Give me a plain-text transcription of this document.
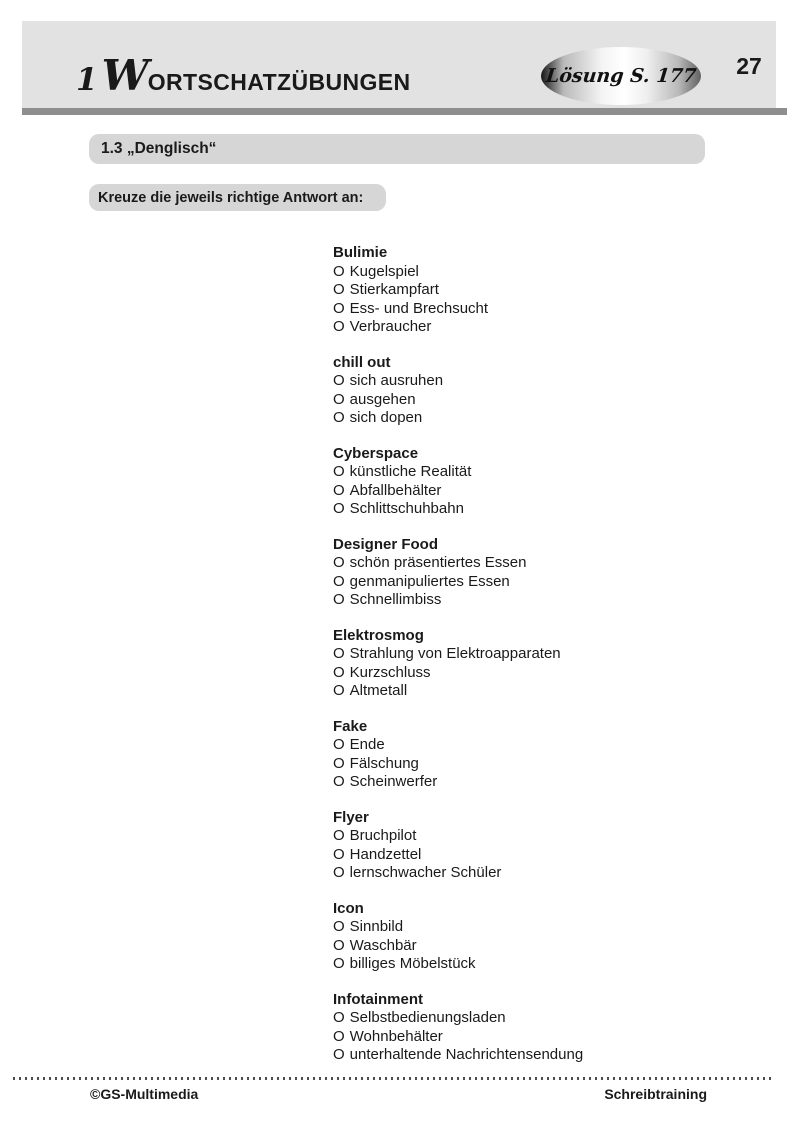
1WORTSCHATZÜBUNGEN	Lösung S. 177	27
1.3 „Denglisch“
Kreuze die jeweils richtige Antwort an:
Bulimie
O Kugelspiel
O Stierkampfart
O Ess- und Brechsucht
O Verbraucher
chill out
O sich ausruhen
O ausgehen
O sich dopen
Cyberspace
O künstliche Realität
O Abfallbehälter
O Schlittschuhbahn
Designer Food
O schön präsentiertes Essen
O genmanipuliertes Essen
O Schnellimbiss
Elektrosmog
O Strahlung von Elektroapparaten
O Kurzschluss
O Altmetall
Fake
O Ende
O Fälschung
O Scheinwerfer
Flyer
O Bruchpilot
O Handzettel
O lernschwacher Schüler
Icon
O Sinnbild
O Waschbär
O billiges Möbelstück
Infotainment
O Selbstbedienungsladen
O Wohnbehälter
O unterhaltende Nachrichtensendung
©GS-Multimedia	Schreibtraining
